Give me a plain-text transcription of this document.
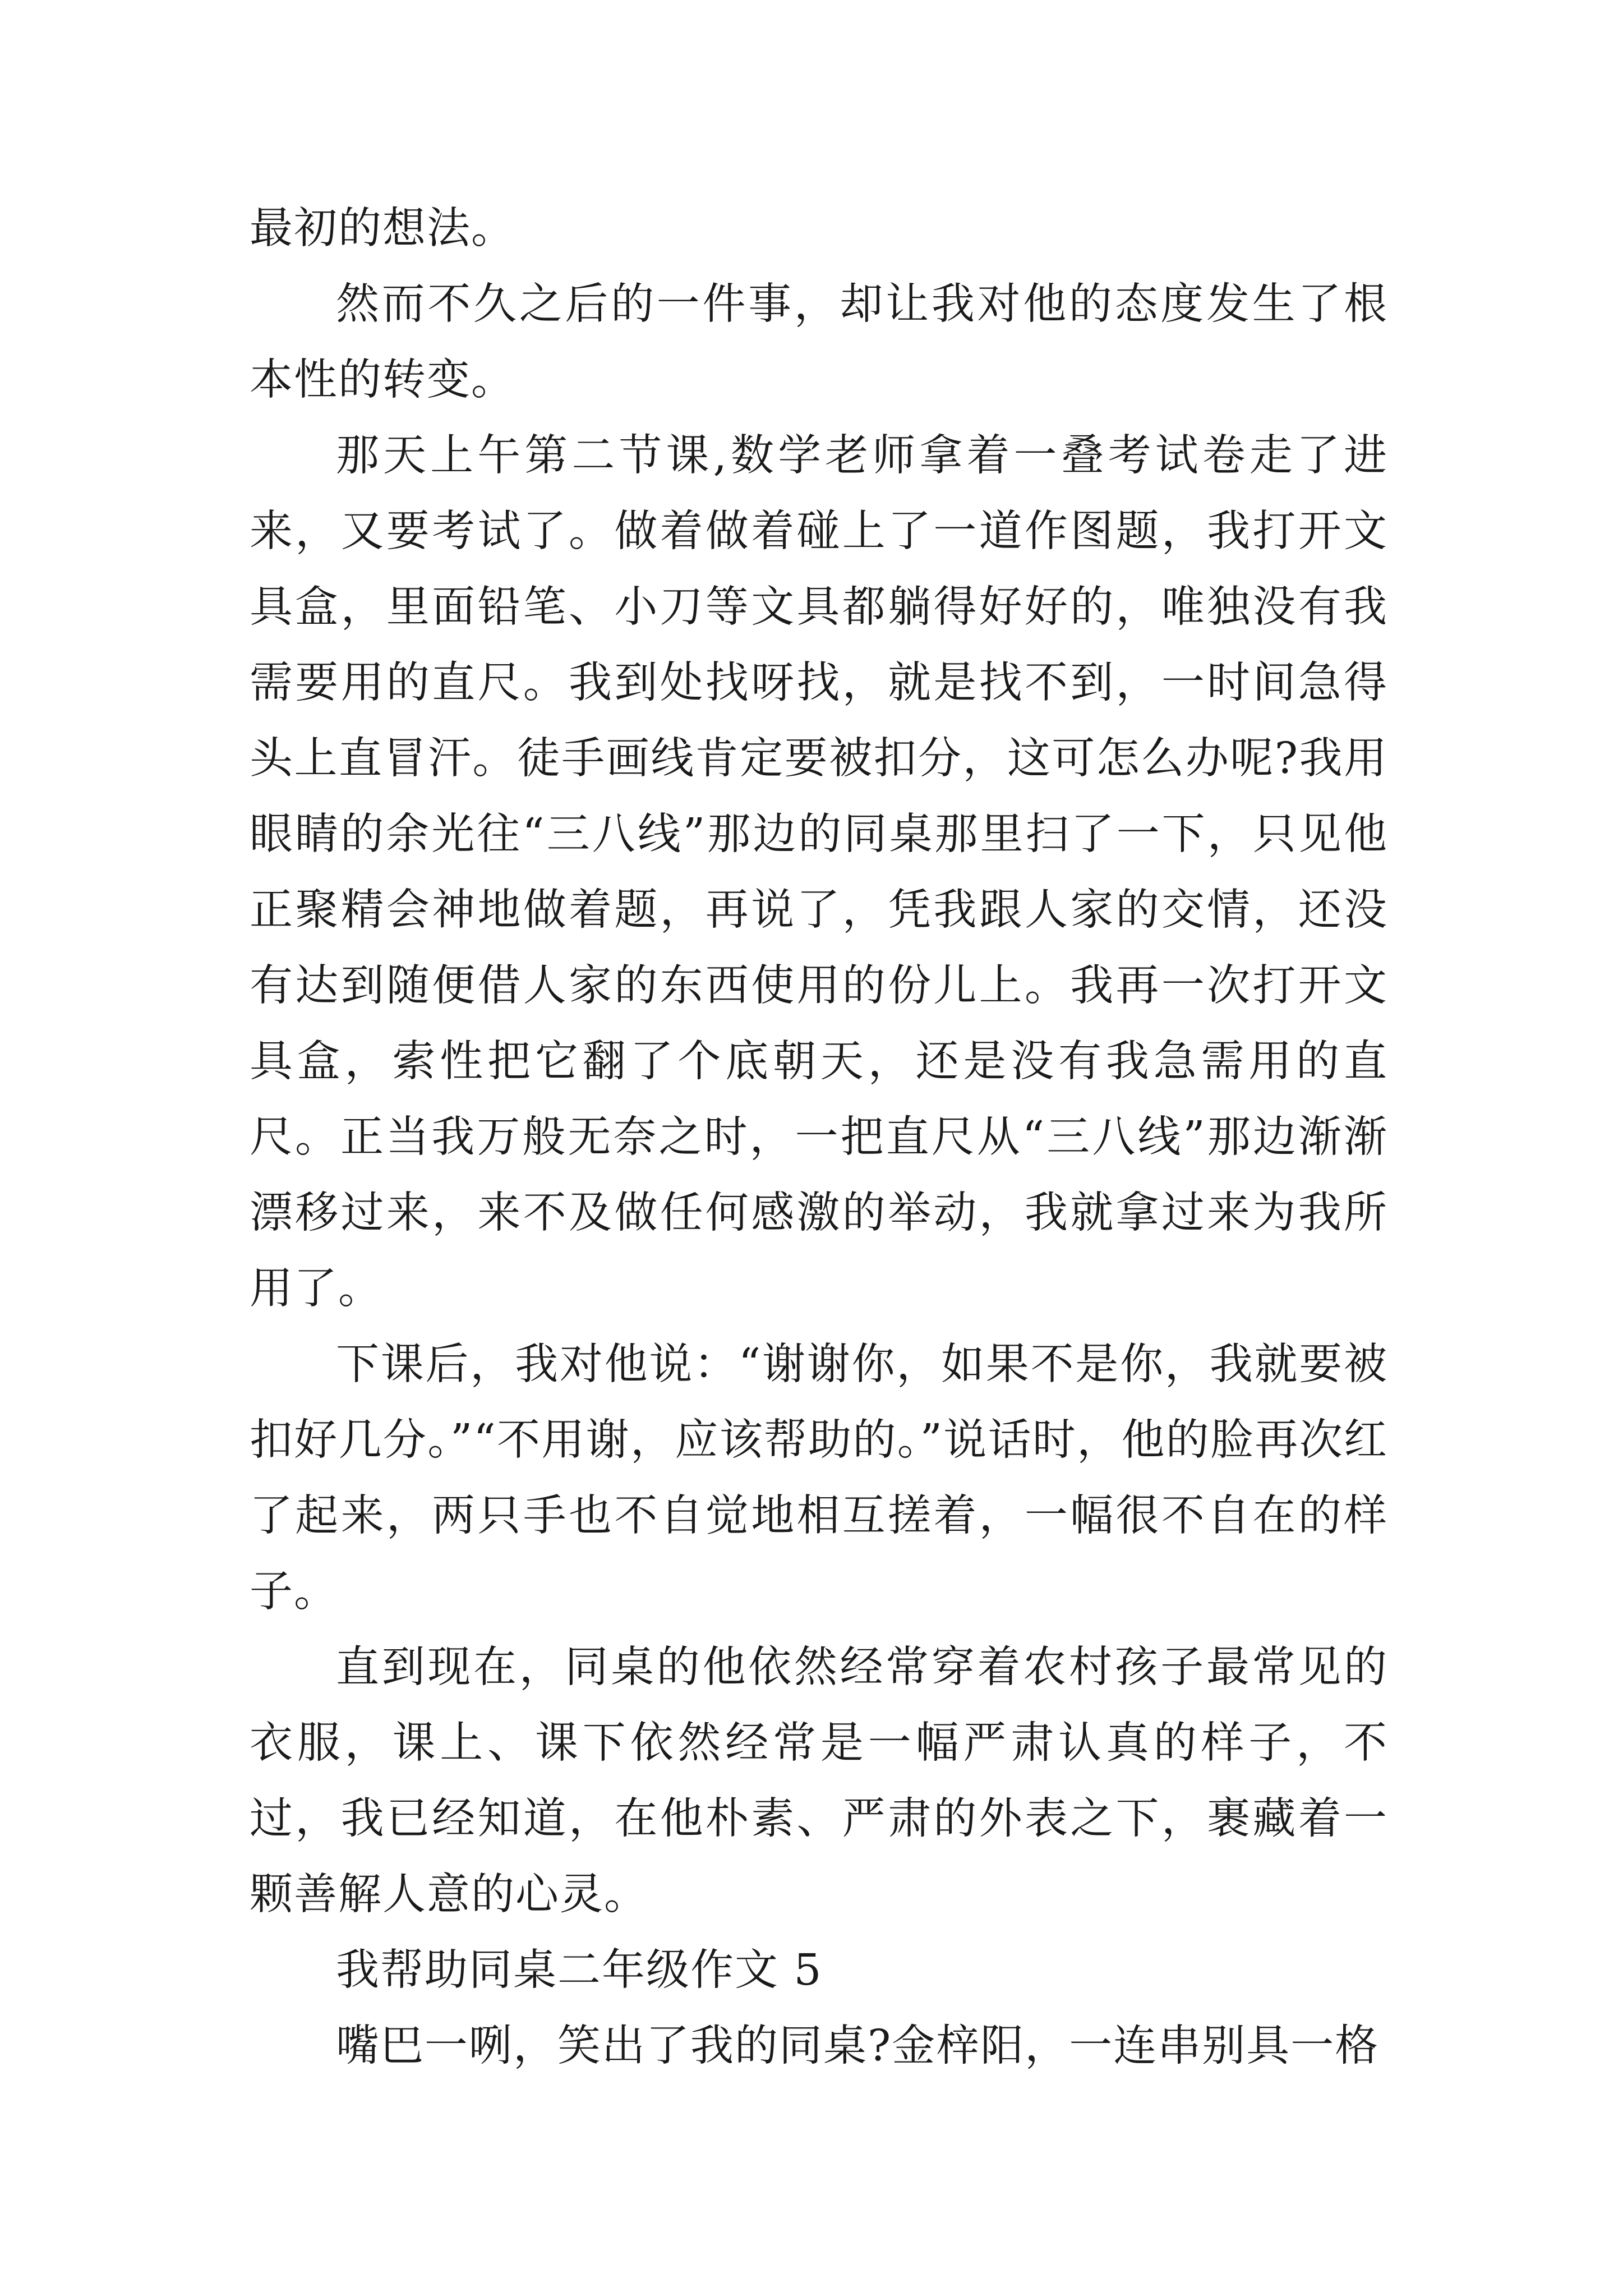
最初的想法。

然而不久之后的一件事，却让我对他的态度发生了根本性的转变。

那天上午第二节课,数学老师拿着一叠考试卷走了进来，又要考试了。做着做着碰上了一道作图题，我打开文具盒，里面铅笔、小刀等文具都躺得好好的，唯独没有我需要用的直尺。我到处找呀找，就是找不到，一时间急得头上直冒汗。徒手画线肯定要被扣分，这可怎么办呢?我用眼睛的余光往“三八线”那边的同桌那里扫了一下，只见他正聚精会神地做着题，再说了，凭我跟人家的交情，还没有达到随便借人家的东西使用的份儿上。我再一次打开文具盒，索性把它翻了个底朝天，还是没有我急需用的直尺。正当我万般无奈之时，一把直尺从“三八线”那边渐渐漂移过来，来不及做任何感激的举动，我就拿过来为我所用了。

下课后，我对他说：“谢谢你，如果不是你，我就要被扣好几分。”“不用谢，应该帮助的。”说话时，他的脸再次红了起来，两只手也不自觉地相互搓着，一幅很不自在的样子。

直到现在，同桌的他依然经常穿着农村孩子最常见的衣服，课上、课下依然经常是一幅严肃认真的样子，不过，我已经知道，在他朴素、严肃的外表之下，裹藏着一颗善解人意的心灵。

我帮助同桌二年级作文 5

嘴巴一咧，笑出了我的同桌?金梓阳，一连串别具一格
